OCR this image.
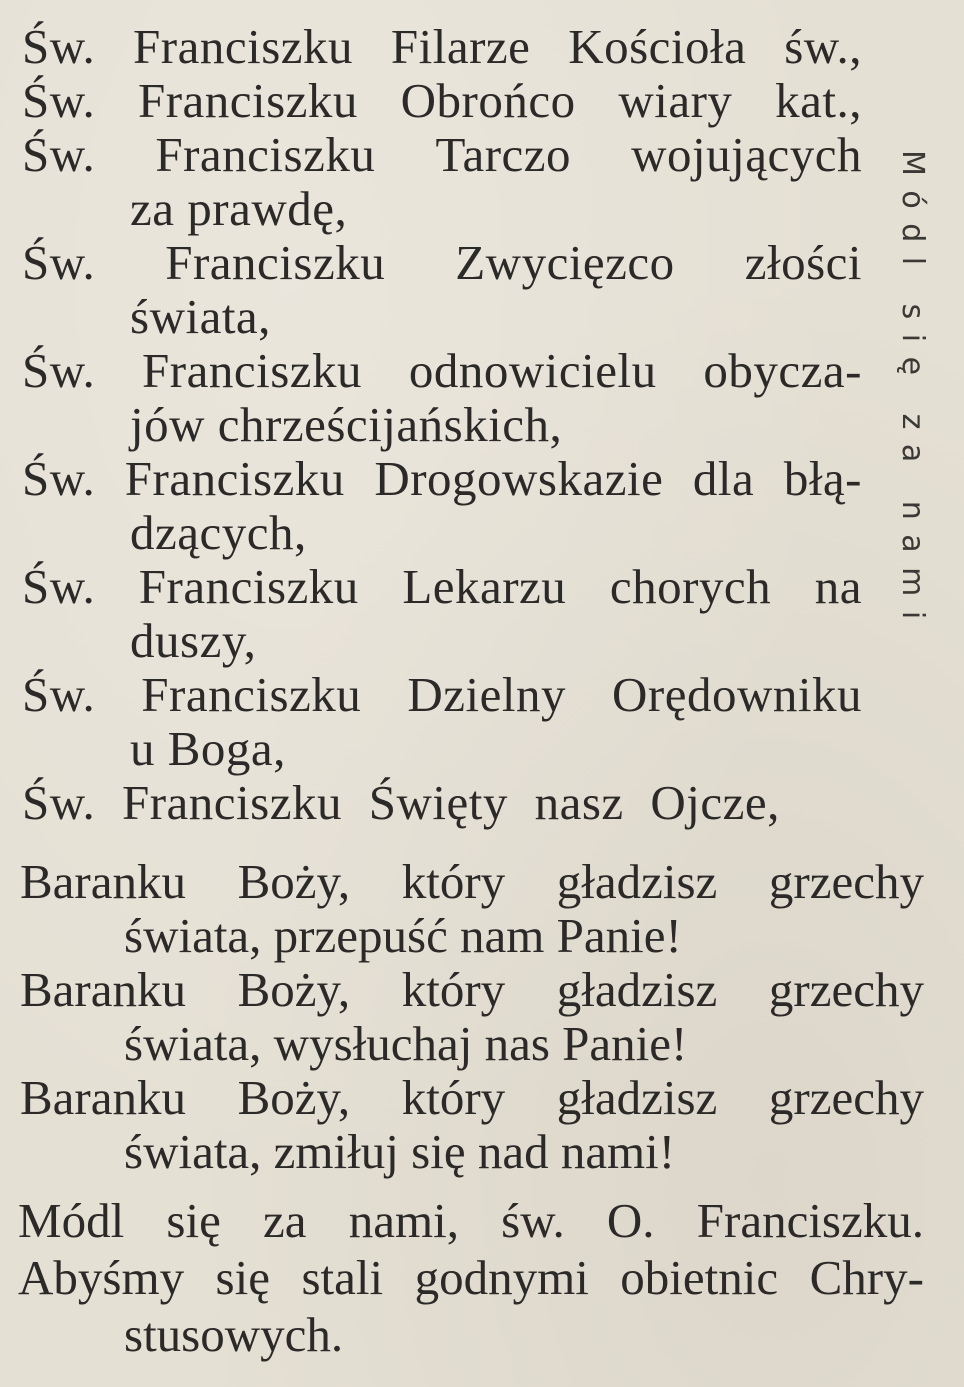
Św. Franciszku Filarze Kościoła św.,
Św. Franciszku Obrońco wiary kat.,
Św. Franciszku Tarczo wojujących
za prawdę,
Św. Franciszku Zwycięzco złości
świata,
Św. Franciszku odnowicielu obycza-
jów chrześcijańskich,
Św. Franciszku Drogowskazie dla błą-
dzących,
Św. Franciszku Lekarzu chorych na
duszy,
Św. Franciszku Dzielny Orędowniku
u Boga,
Św. Franciszku Święty nasz Ojcze,
Módl się za nami
Baranku Boży, który gładzisz grzechy
świata, przepuść nam Panie!
Baranku Boży, który gładzisz grzechy
świata, wysłuchaj nas Panie!
Baranku Boży, który gładzisz grzechy
świata, zmiłuj się nad nami!
Módl się za nami, św. O. Franciszku.
Abyśmy się stali godnymi obietnic Chry-
stusowych.
